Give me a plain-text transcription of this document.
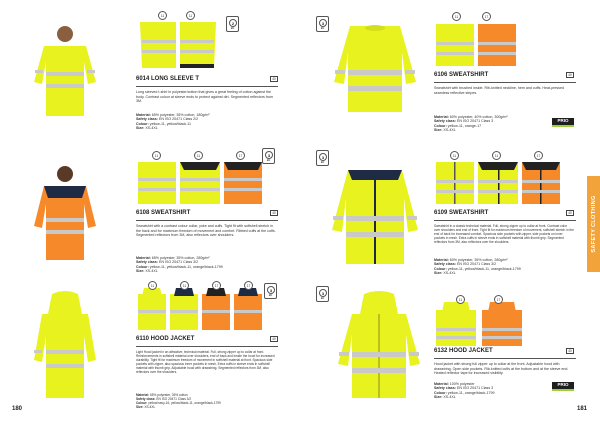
180	181
SAFETY CLOTHING
11	11
2
EN
6014 LONG SLEEVE T	40
Long sleeved t-shirt in polyester/cotton that gives a great feeling of cotton against the body. Contrast colour at sleeve ends to protect against dirt. Segmented reflectors from 3M.
Material: 65% polyester, 35% cotton, 180g/m²
Safety class: EN ISO 20471 Class 2/2
Colour: yellow-11, yellow/black-11
Size: XS-4XL
11	11	17	3
EN
6108 SWEATSHIRT	40
Sweatshirt with a contrast colour collar, yoke and cuffs. Tight fit with softshell stretch in the back and for maximum freedom of movement and comfort. Ribbed cuffs at the cuffs. Segmented reflectors from 3M, also reflectors over shoulders.
Material: 65% polyester, 35% cotton, 280g/m²
Safety class: EN ISO 20471 Class 3/2
Colour: yellow-11, yellow/black-11, orange/black-1799
Size: XS-4XL
11	11	17	17
3
EN
6110 HOOD JACKET	40
Light Hood jacket in an attractive, technical material. Full, strong zipper up to collar at front. Reinforcements in softshell material over shoulders, end of back and inside the hood for increased durability. Tight fit for maximum freedom of movement in softshell material at front. Spacious side pockets with zipper, also spacious inner pockets in mesh. Extra cuffs in sleeve ends in softshell material with thumb grip. Adjustable hood with drawstring. Segmented reflectors from 3M, also reflectors over the shoulders.
Material: 65% polyester, 35% cotton
Safety class: EN ISO 20471 Class 3/2
Colour: yellow/navy-16, yellow/black-11, orange/black-1799
Size: XS-4XL
3
EN
11	17
6106 SWEATSHIRT	40
Sweatshirt with brushed inside. Rib-knitted neckline, hem and cuffs. Heat-pressed seamless reflective stripes.
Material: 60% polyester, 40% cotton, 300g/m²
Safety class: EN ISO 20471 Class 3
Colour: yellow-11, orange-17
Size: XS-4XL
PRIO
3
EN
11	11	17
6109 SWEATSHIRT	40
Sweatshirt in a classic technical material. Full, strong zipper up to collar at front. Contrast color over shoulders and end of front. Tight fit for maximum freedom of movement, softshell stretch in the end of back for increased comfort. Spacious side pockets with zipper, side pockets on inner pockets in mesh. Extra cuffs in sleeve ends in softshell material with thumb grip. Segmented reflectors from 3M, also reflectors over the shoulders.
Material: 60% polyester, 35% cotton, 280g/m²
Safety class: EN ISO 20471 Class 3/2
Colour: yellow-11, yellow/black-11, orange/black-1799
Size: XS-4XL
3
EN	11	17
6132 HOOD JACKET	40
Hood jacket with strong full zipper up to collar at the front. Adjustable hood with drawstring. Open side pockets. Rib-knitted cuffs at the bottom and at the sleeve end. Heated reflector tape for increased visibility.
Material: 100% polyester
Safety class: EN ISO 20471 Class 3
Colour: yellow-11, orange/black-1799
Size: XS-4XL
PRIO
